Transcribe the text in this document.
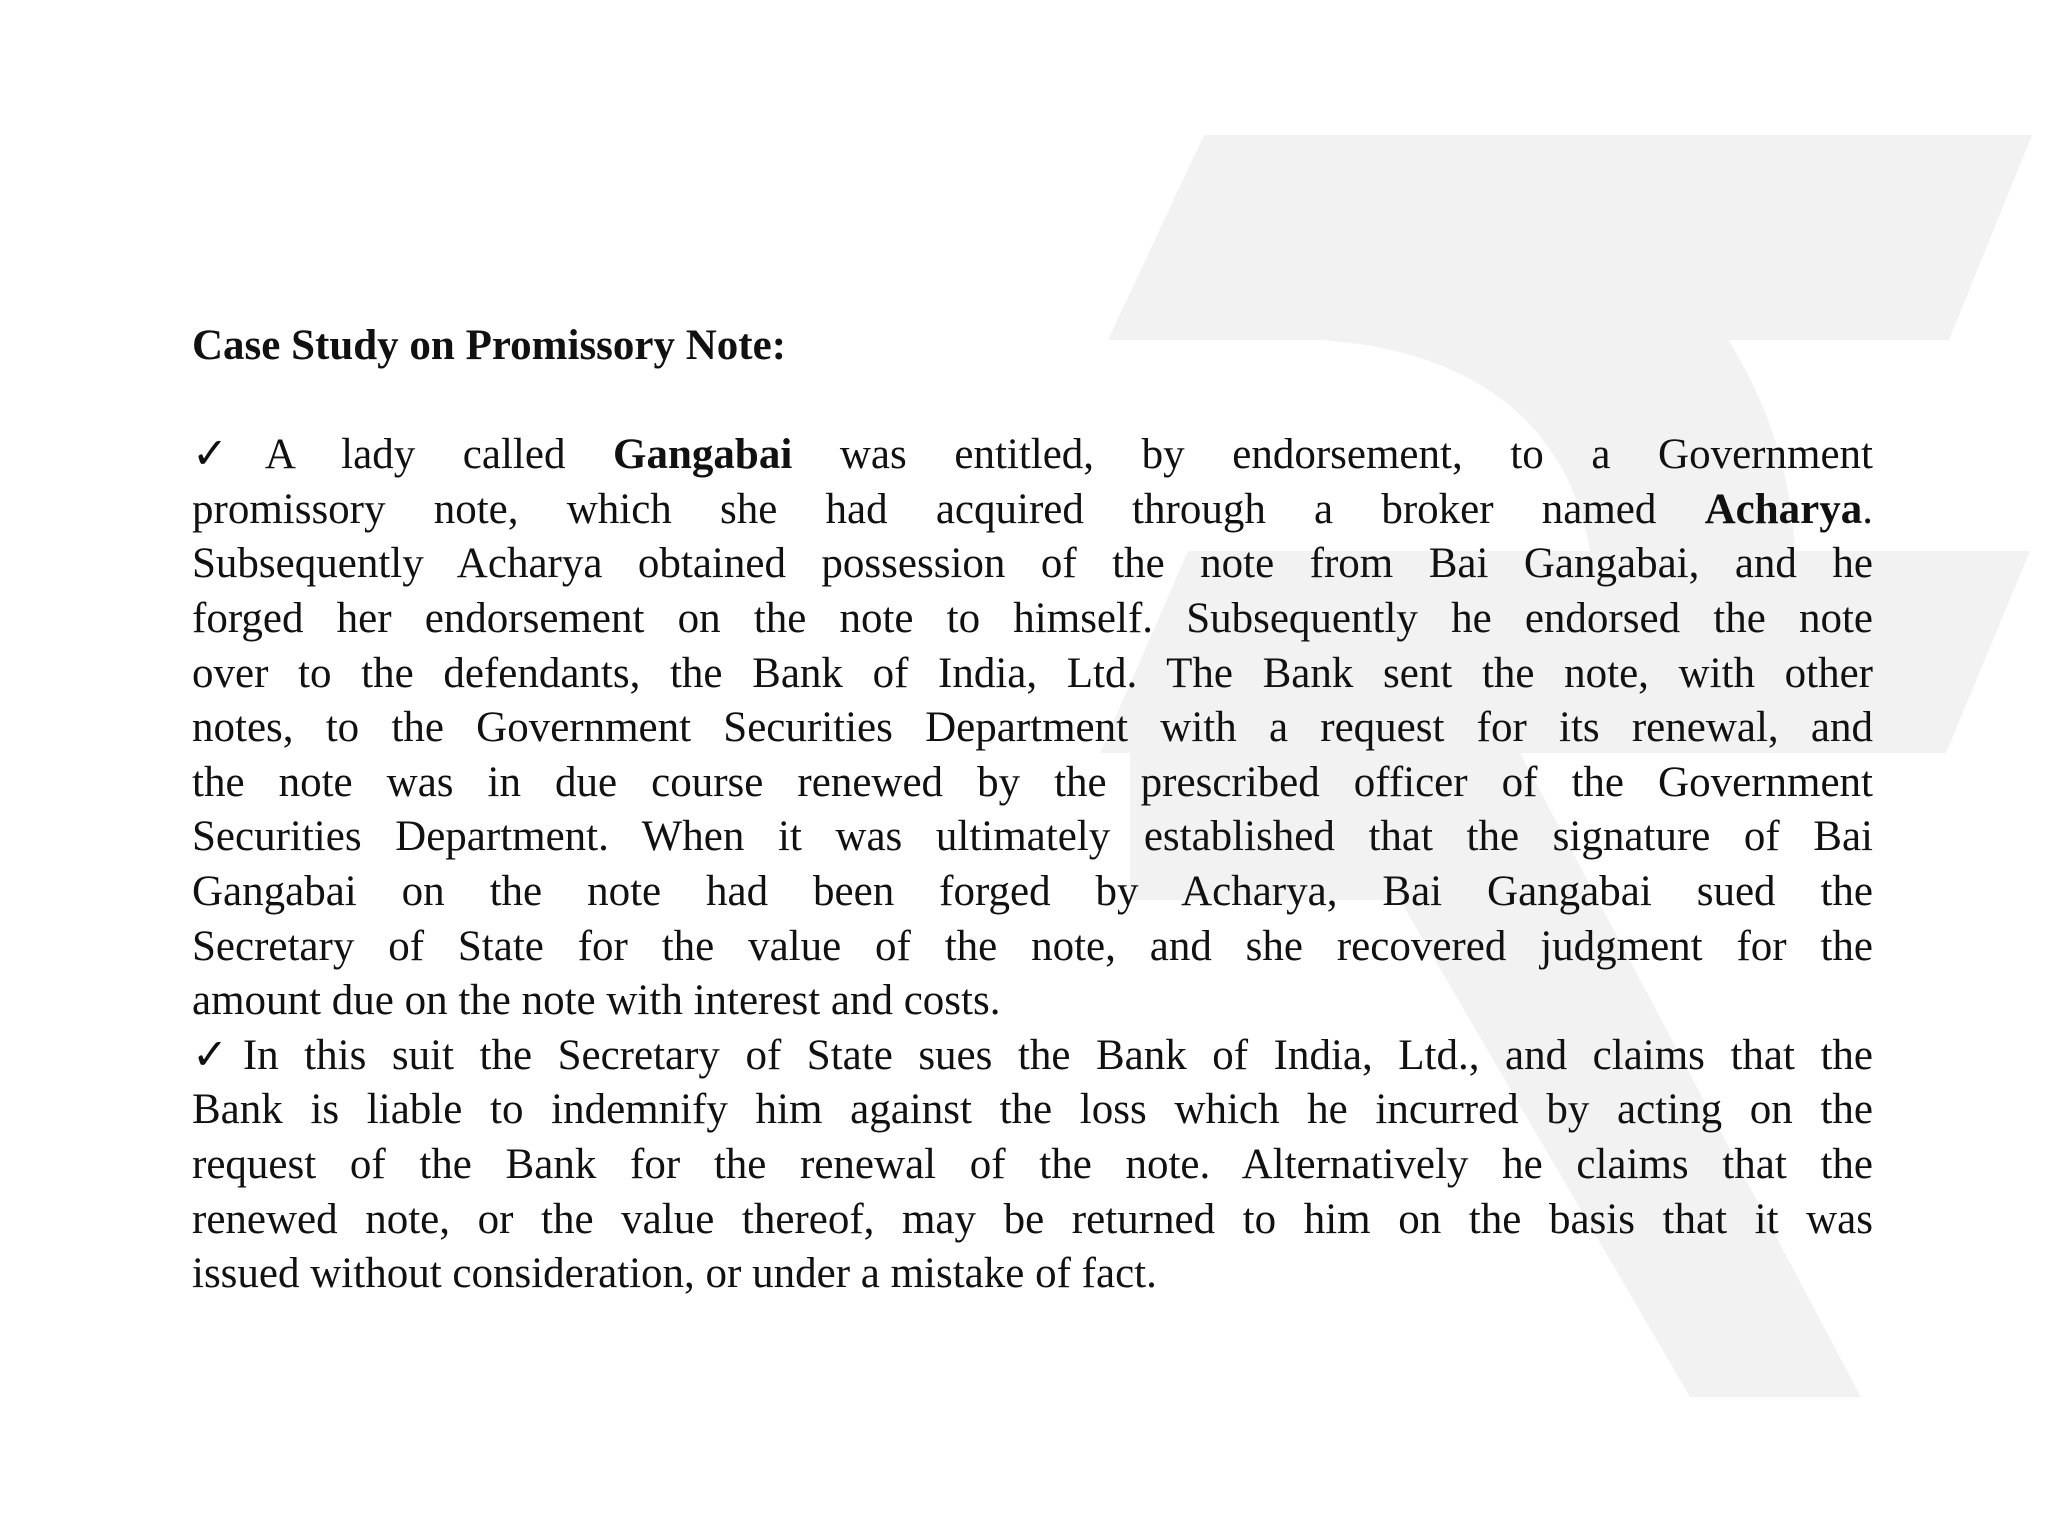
Case Study on Promissory Note:
✓A lady called Gangabai was entitled, by endorsement, to a Government
promissory note, which she had acquired through a broker named Acharya.
Subsequently Acharya obtained possession of the note from Bai Gangabai, and he
forged her endorsement on the note to himself. Subsequently he endorsed the note
over to the defendants, the Bank of India, Ltd. The Bank sent the note, with other
notes, to the Government Securities Department with a request for its renewal, and
the note was in due course renewed by the prescribed officer of the Government
Securities Department. When it was ultimately established that the signature of Bai
Gangabai on the note had been forged by Acharya, Bai Gangabai sued the
Secretary of State for the value of the note, and she recovered judgment for the
amount due on the note with interest and costs.
✓In this suit the Secretary of State sues the Bank of India, Ltd., and claims that the
Bank is liable to indemnify him against the loss which he incurred by acting on the
request of the Bank for the renewal of the note. Alternatively he claims that the
renewed note, or the value thereof, may be returned to him on the basis that it was
issued without consideration, or under a mistake of fact.
